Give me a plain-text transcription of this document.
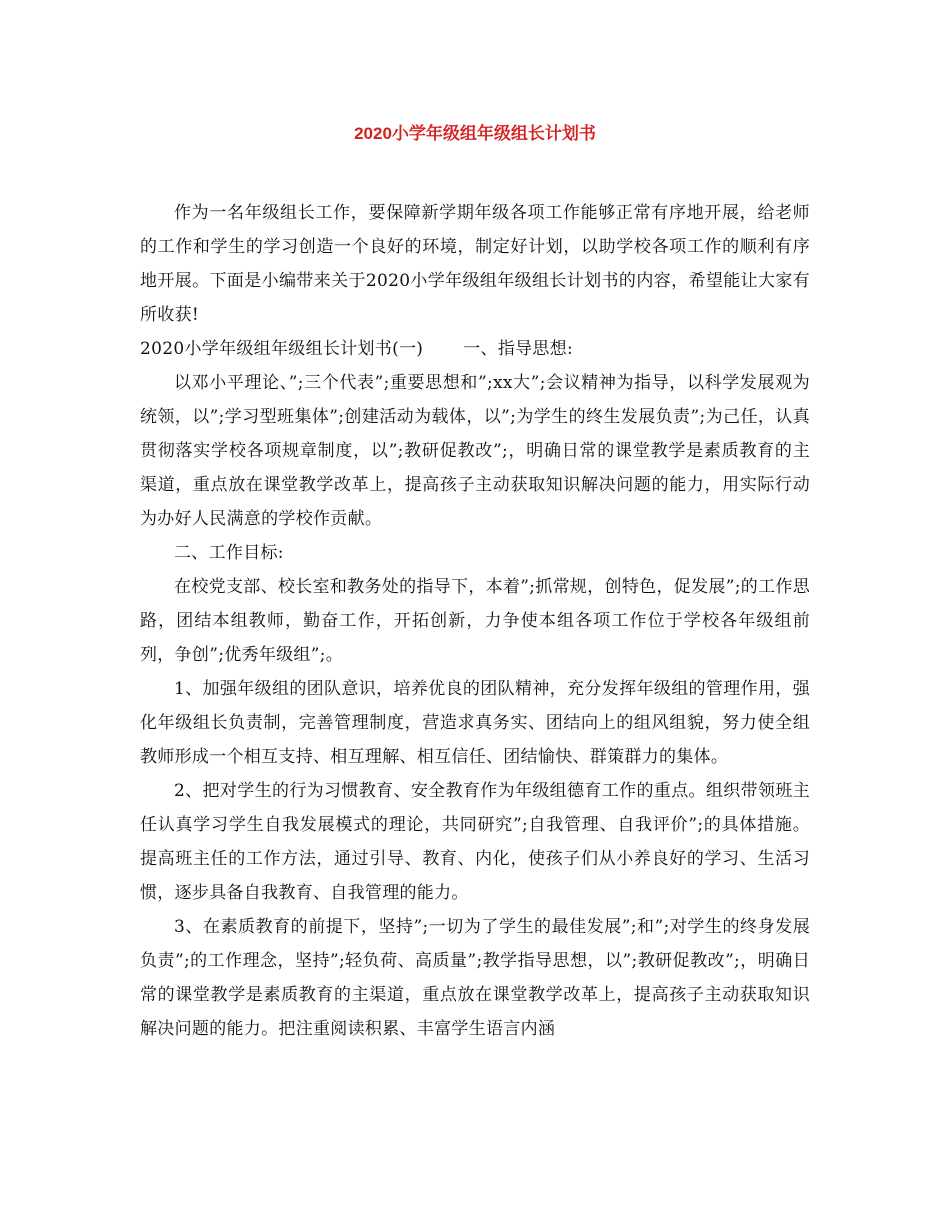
2020小学年级组年级组长计划书

作为一名年级组长工作，要保障新学期年级各项工作能够正常有序地开展，给老师的工作和学生的学习创造一个良好的环境，制定好计划，以助学校各项工作的顺利有序地开展。下面是小编带来关于2020小学年级组年级组长计划书的内容，希望能让大家有所收获!

2020小学年级组年级组长计划书(一) 一、指导思想:

以邓小平理论、”;三个代表”;重要思想和”;xx大”;会议精神为指导，以科学发展观为统领，以”;学习型班集体”;创建活动为载体，以”;为学生的终生发展负责”;为己任，认真贯彻落实学校各项规章制度，以”;教研促教改”;，明确日常的课堂教学是素质教育的主渠道，重点放在课堂教学改革上，提高孩子主动获取知识解决问题的能力，用实际行动为办好人民满意的学校作贡献。

二、工作目标:

在校党支部、校长室和教务处的指导下，本着”;抓常规，创特色，促发展”;的工作思路，团结本组教师，勤奋工作，开拓创新，力争使本组各项工作位于学校各年级组前列，争创”;优秀年级组”;。

1、加强年级组的团队意识，培养优良的团队精神，充分发挥年级组的管理作用，强化年级组长负责制，完善管理制度，营造求真务实、团结向上的组风组貌，努力使全组教师形成一个相互支持、相互理解、相互信任、团结愉快、群策群力的集体。

2、把对学生的行为习惯教育、安全教育作为年级组德育工作的重点。组织带领班主任认真学习学生自我发展模式的理论，共同研究”;自我管理、自我评价”;的具体措施。提高班主任的工作方法，通过引导、教育、内化，使孩子们从小养良好的学习、生活习惯，逐步具备自我教育、自我管理的能力。

3、在素质教育的前提下，坚持”;一切为了学生的最佳发展”;和”;对学生的终身发展负责”;的工作理念，坚持”;轻负荷、高质量”;教学指导思想，以”;教研促教改”;，明确日常的课堂教学是素质教育的主渠道，重点放在课堂教学改革上，提高孩子主动获取知识解决问题的能力。把注重阅读积累、丰富学生语言内涵
